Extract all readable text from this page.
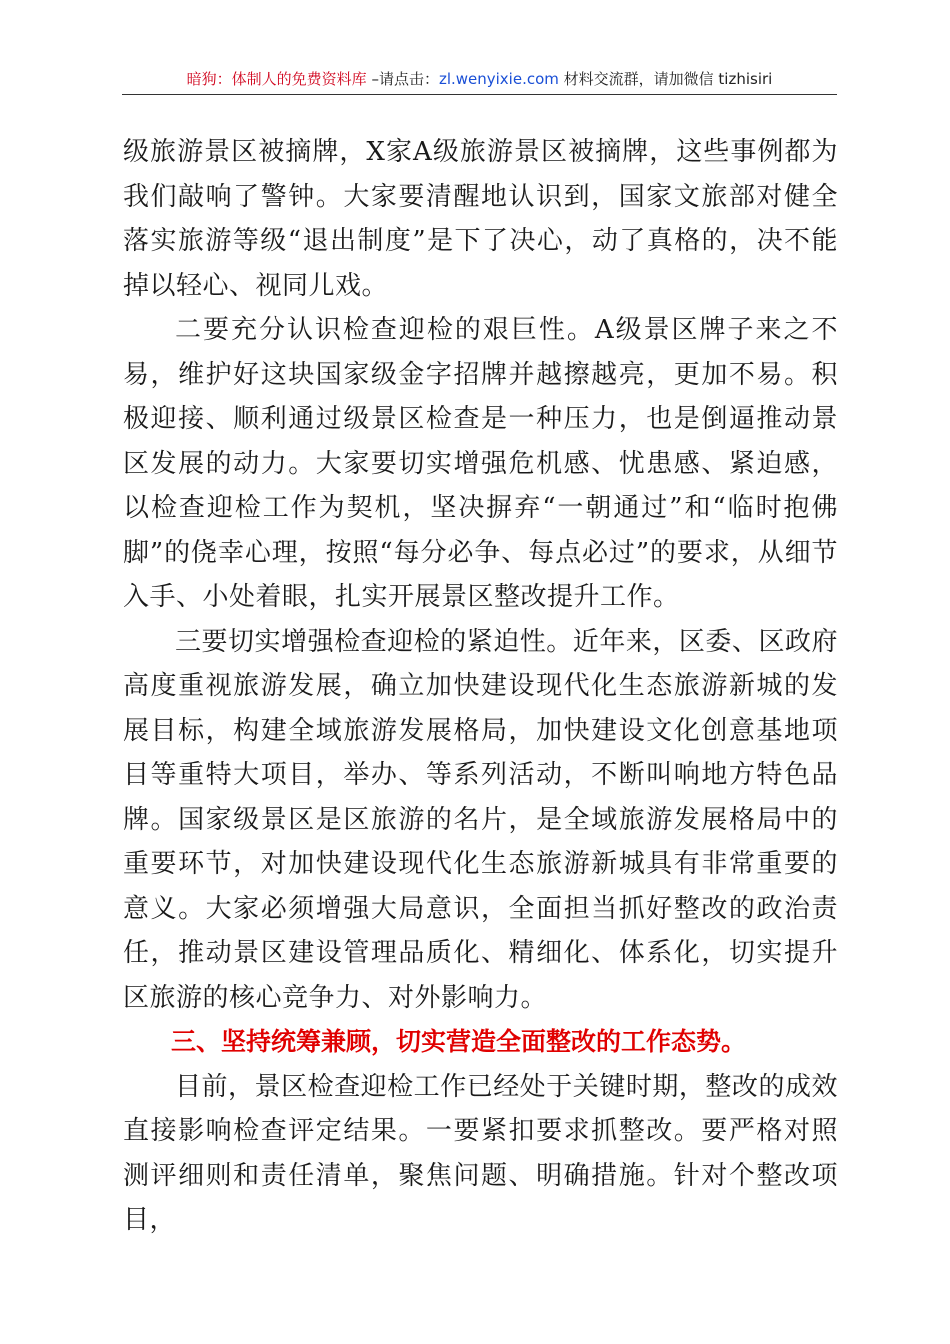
暗狗：体制人的免费资料库 –请点击：zl.wenyixie.com 材料交流群，请加微信 tizhisiri

级旅游景区被摘牌，X家A级旅游景区被摘牌，这些事例都为我们敲响了警钟。大家要清醒地认识到，国家文旅部对健全落实旅游等级“退出制度”是下了决心，动了真格的，决不能掉以轻心、视同儿戏。

二要充分认识检查迎检的艰巨性。A级景区牌子来之不易，维护好这块国家级金字招牌并越擦越亮，更加不易。积极迎接、顺利通过级景区检查是一种压力，也是倒逼推动景区发展的动力。大家要切实增强危机感、忧患感、紧迫感，以检查迎检工作为契机，坚决摒弃“一朝通过”和“临时抱佛脚”的侥幸心理，按照“每分必争、每点必过”的要求，从细节入手、小处着眼，扎实开展景区整改提升工作。

三要切实增强检查迎检的紧迫性。近年来，区委、区政府高度重视旅游发展，确立加快建设现代化生态旅游新城的发展目标，构建全域旅游发展格局，加快建设文化创意基地项目等重特大项目，举办、等系列活动，不断叫响地方特色品牌。国家级景区是区旅游的名片，是全域旅游发展格局中的重要环节，对加快建设现代化生态旅游新城具有非常重要的意义。大家必须增强大局意识，全面担当抓好整改的政治责任，推动景区建设管理品质化、精细化、体系化，切实提升区旅游的核心竞争力、对外影响力。

三、坚持统筹兼顾，切实营造全面整改的工作态势。

目前，景区检查迎检工作已经处于关键时期，整改的成效直接影响检查评定结果。一要紧扣要求抓整改。要严格对照测评细则和责任清单，聚焦问题、明确措施。针对个整改项目，
